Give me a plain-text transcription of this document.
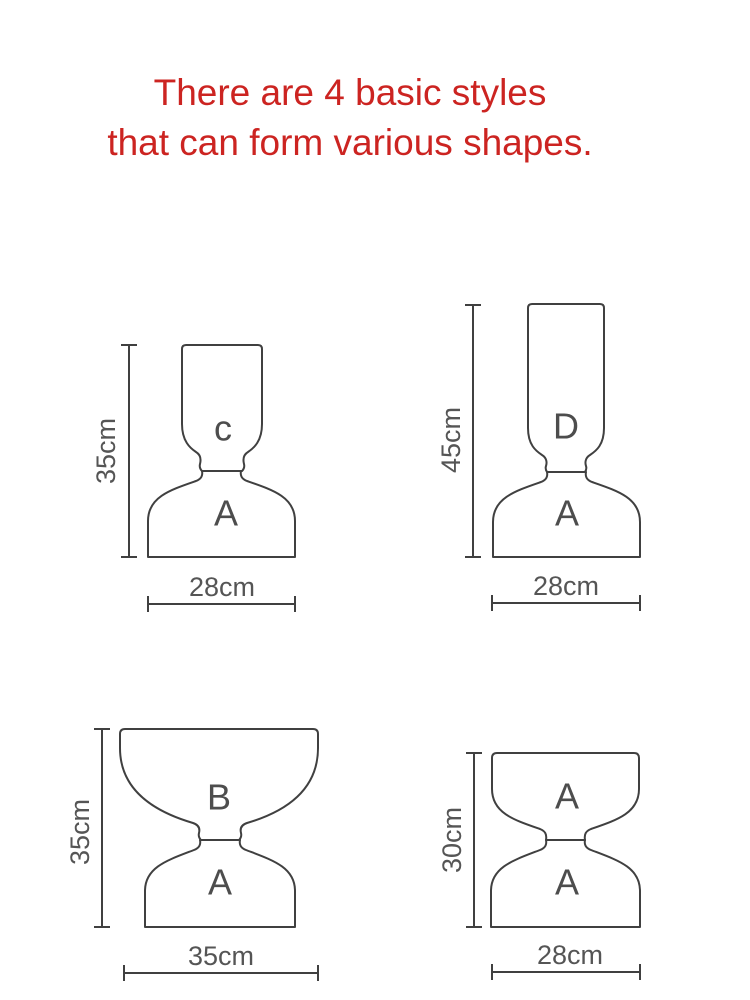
There are 4 basic styles
that can form various shapes.
c
A
35cm
28cm
D
A
45cm
28cm
B
A
35cm
35cm
A
A
30cm
28cm
